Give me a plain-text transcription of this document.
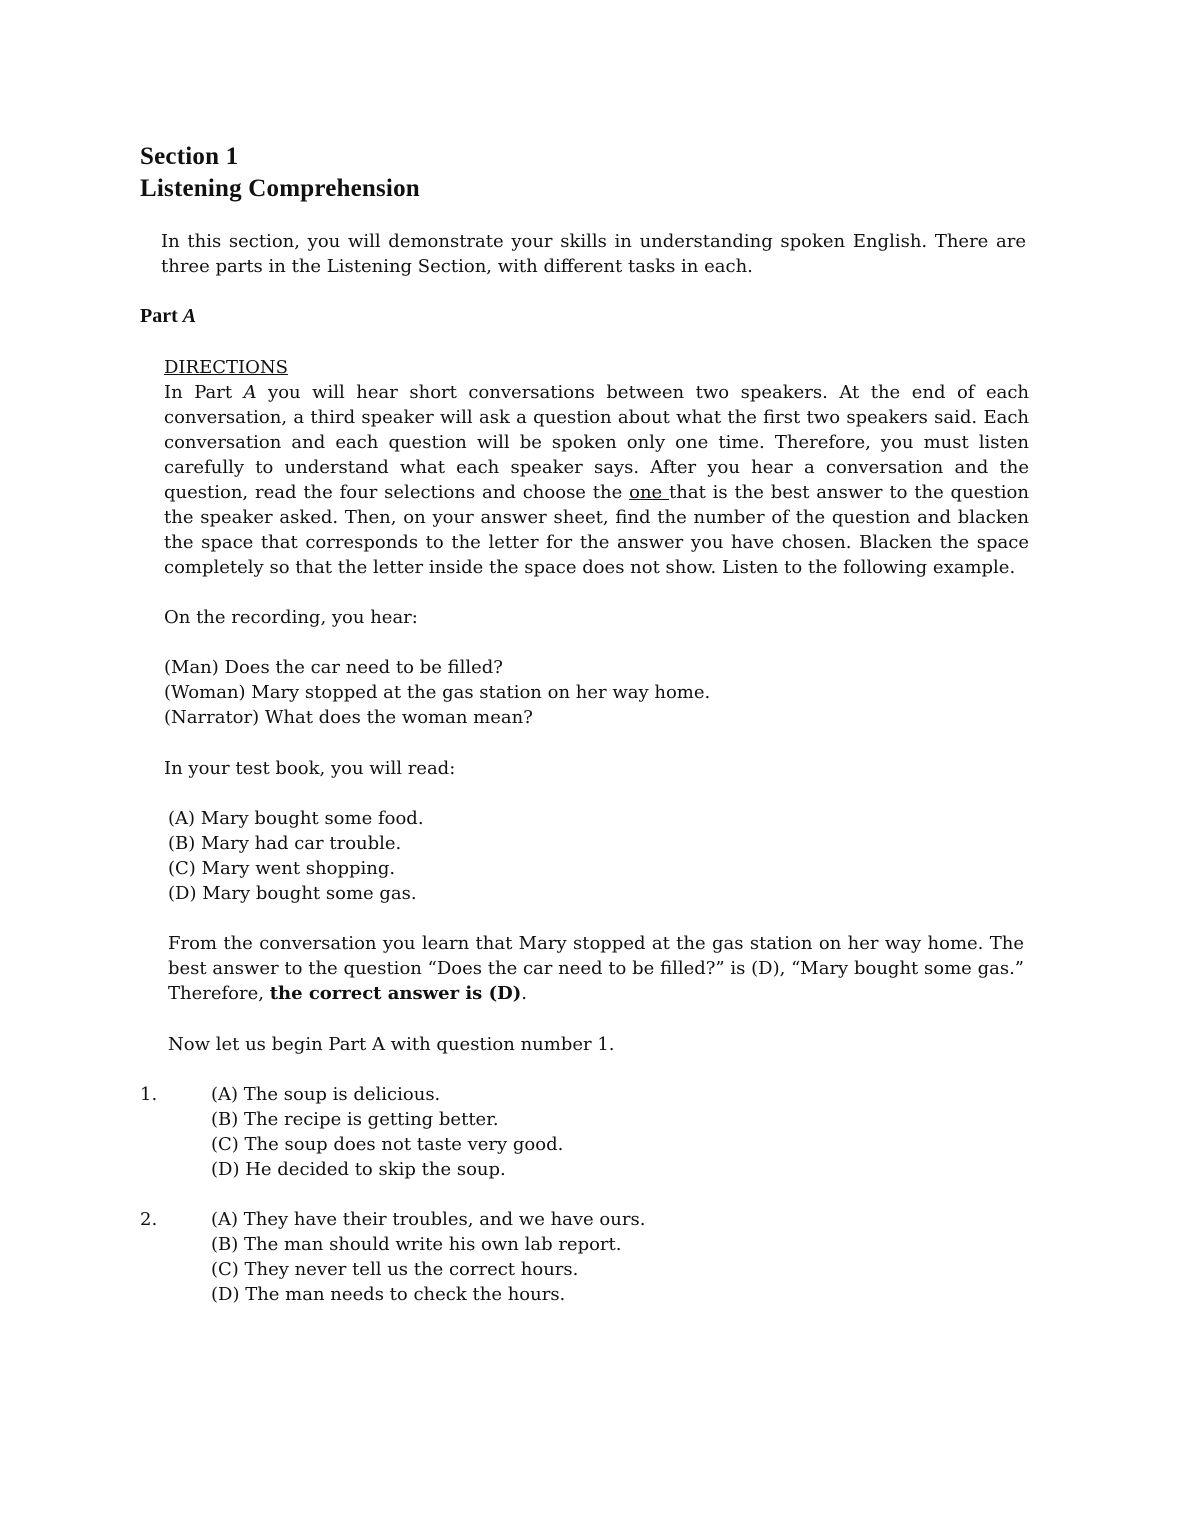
Section 1
Listening Comprehension

In this section, you will demonstrate your skills in understanding spoken English. There are three parts in the Listening Section, with different tasks in each.

Part A

DIRECTIONS

In Part A you will hear short conversations between two speakers. At the end of each conversation, a third speaker will ask a question about what the first two speakers said. Each conversation and each question will be spoken only one time. Therefore, you must listen carefully to understand what each speaker says. After you hear a conversation and the question, read the four selections and choose the one that is the best answer to the question the speaker asked. Then, on your answer sheet, find the number of the question and blacken the space that corresponds to the letter for the answer you have chosen. Blacken the space completely so that the letter inside the space does not show. Listen to the following example.

On the recording, you hear:

(Man) Does the car need to be filled?

(Woman) Mary stopped at the gas station on her way home.

(Narrator) What does the woman mean?

In your test book, you will read:

(A) Mary bought some food.
(B) Mary had car trouble.
(C) Mary went shopping.
(D) Mary bought some gas.

From the conversation you learn that Mary stopped at the gas station on her way home. The best answer to the question “Does the car need to be filled?” is (D), “Mary bought some gas.” Therefore, the correct answer is (D).

Now let us begin Part A with question number 1.

1.	(A) The soup is delicious.
(B) The recipe is getting better.
(C) The soup does not taste very good.
(D) He decided to skip the soup.

2.	(A) They have their troubles, and we have ours.
(B) The man should write his own lab report.
(C) They never tell us the correct hours.
(D) The man needs to check the hours.
